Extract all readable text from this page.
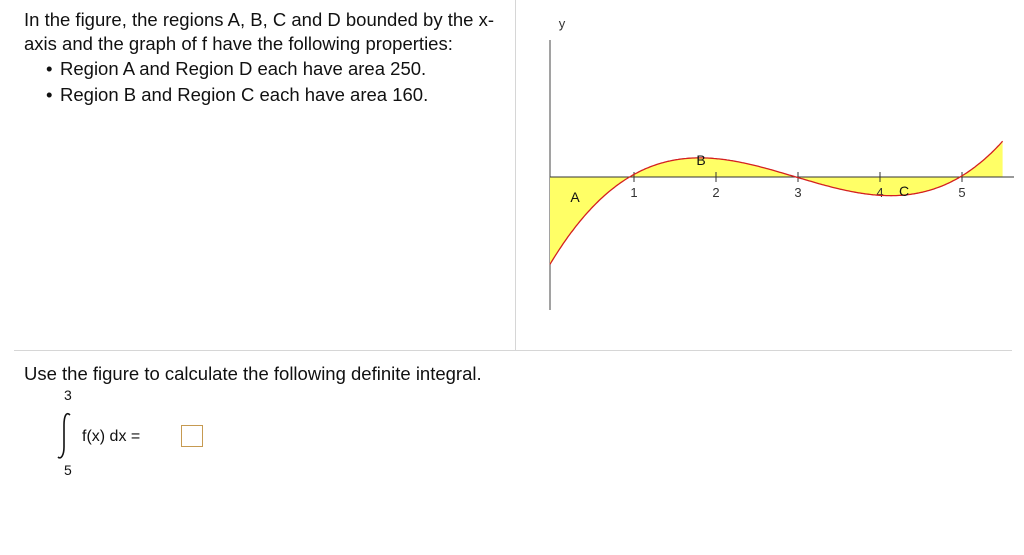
In the figure, the regions A, B, C and D bounded by the x-axis and the graph of f have the following properties:

• Region A and Region D each have area 250.
• Region B and Region C each have area 160.
y
1	2	3	4	5
A
B
C
Use the figure to calculate the following definite integral.
3
f(x) dx =
5
